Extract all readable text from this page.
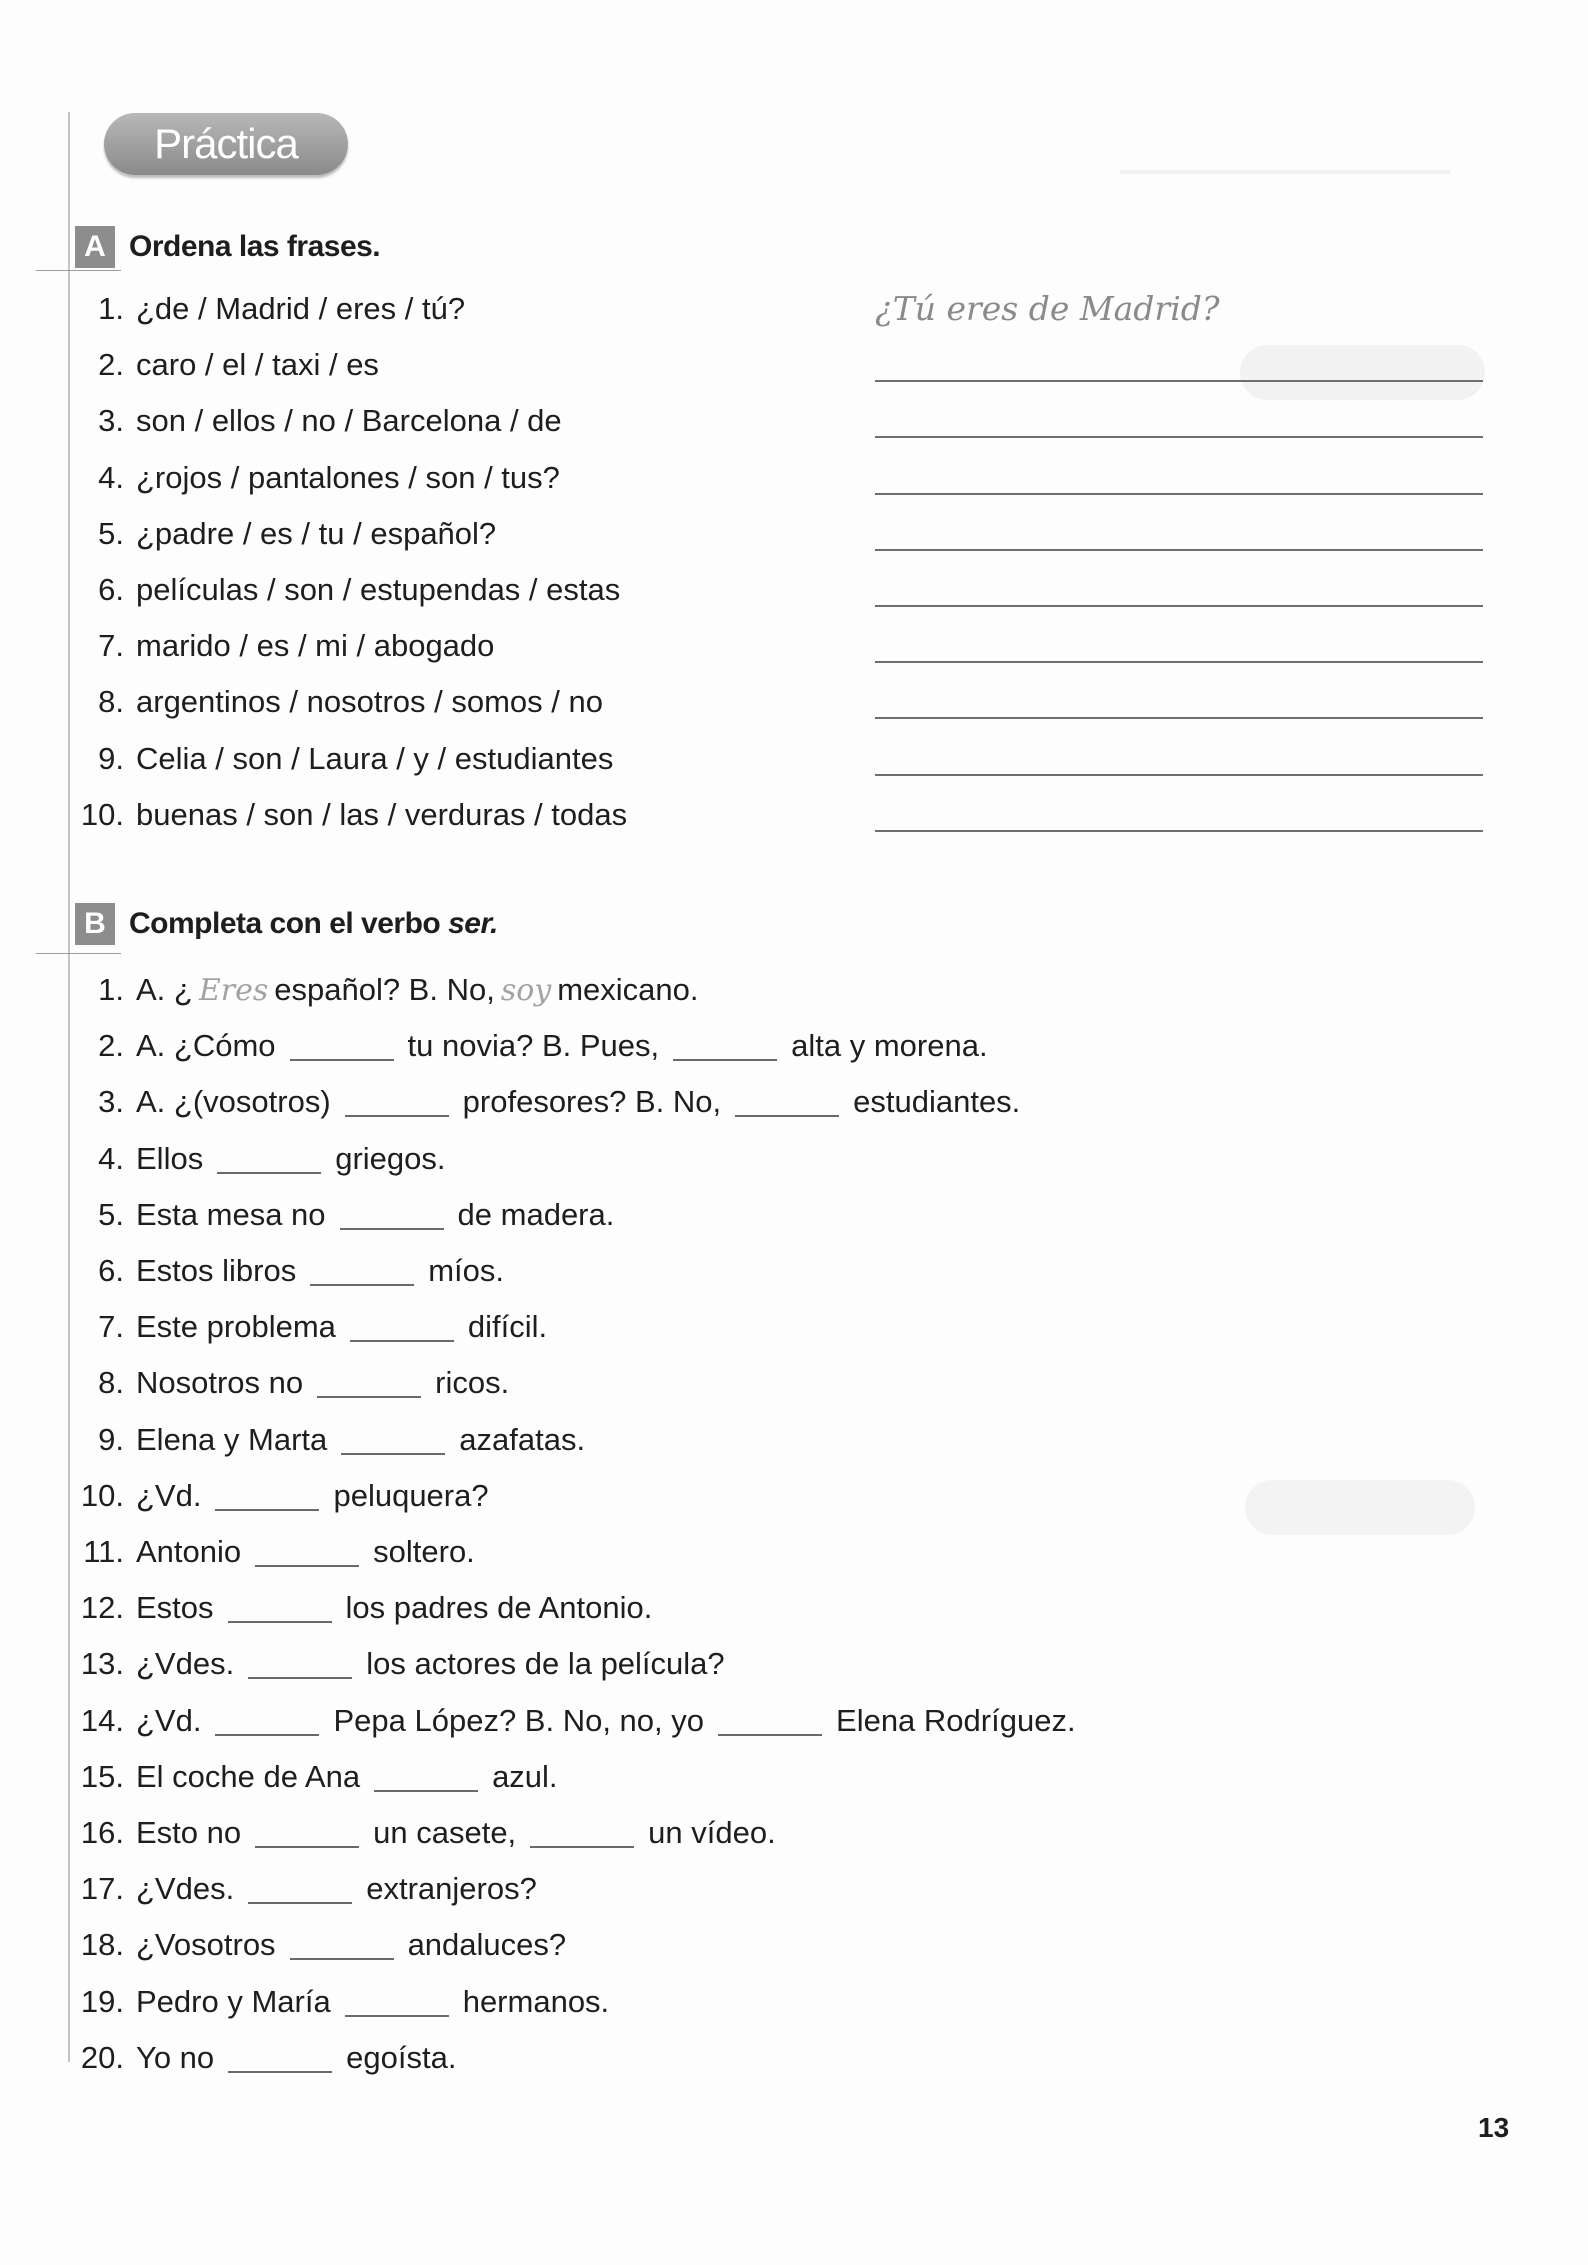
Práctica
A Ordena las frases.
1. ¿de / Madrid / eres / tú?
2. caro / el / taxi / es
3. son / ellos / no / Barcelona / de
4. ¿rojos / pantalones / son / tus?
5. ¿padre / es / tu / español?
6. películas / son / estupendas / estas
7. marido / es / mi / abogado
8. argentinos / nosotros / somos / no
9. Celia / son / Laura / y / estudiantes
10. buenas / son / las / verduras / todas
¿Tú eres de Madrid?
B Completa con el verbo ser.
1. A. ¿ Eres español? B. No, soy mexicano.
2. A. ¿Cómo	tu novia? B. Pues,	alta y morena.
3. A. ¿(vosotros)	profesores? B. No,	estudiantes.
4. Ellos	griegos.
5. Esta mesa no	de madera.
6. Estos libros	míos.
7. Este problema	difícil.
8. Nosotros no	ricos.
9. Elena y Marta	azafatas.
10. ¿Vd.	peluquera?
11. Antonio	soltero.
12. Estos	los padres de Antonio.
13. ¿Vdes.	los actores de la película?
14. ¿Vd.	Pepa López? B. No, no, yo	Elena Rodríguez.
15. El coche de Ana	azul.
16. Esto no	un casete,	un vídeo.
17. ¿Vdes.	extranjeros?
18. ¿Vosotros	andaluces?
19. Pedro y María	hermanos.
20. Yo no	egoísta.
13
